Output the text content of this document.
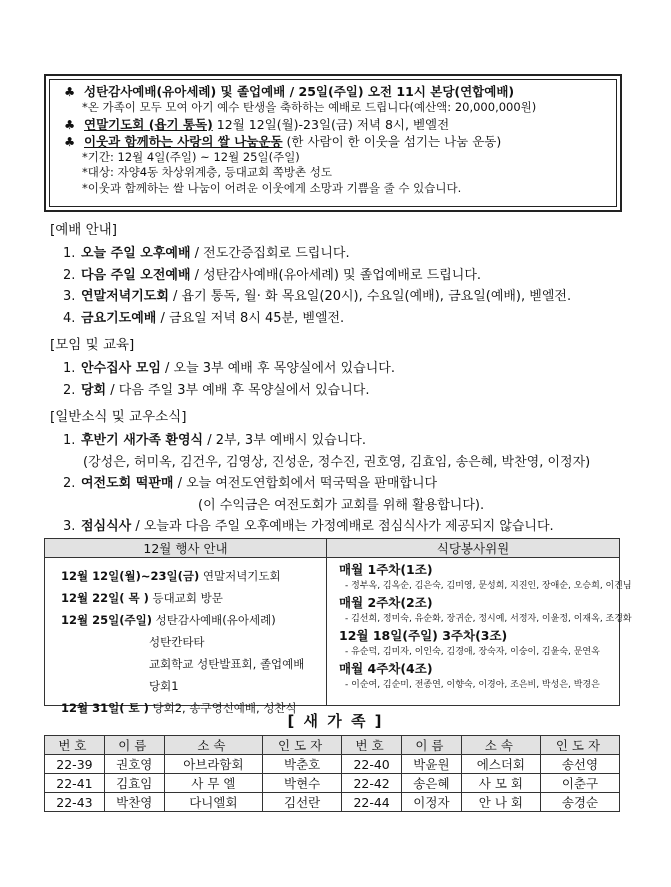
♣ 성탄감사예배(유아세례) 및 졸업예배 / 25일(주일) 오전 11시 본당(연합예배)
*온 가족이 모두 모여 아기 예수 탄생을 축하하는 예배로 드립니다(예산액: 20,000,000원)
♣ 연말기도회 (욥기 통독) 12월 12일(월)-23일(금) 저녁 8시, 벧엘전
♣ 이웃과 함께하는 사랑의 쌀 나눔운동 (한 사람이 한 이웃을 섬기는 나눔 운동)
*기간: 12월 4일(주일) ~ 12월 25일(주일)
*대상: 자양4동 차상위계층, 등대교회 쪽방촌 성도
*이웃과 함께하는 쌀 나눔이 어려운 이웃에게 소망과 기쁨을 줄 수 있습니다.
[예배 안내]
1. 오늘 주일 오후예배 / 전도간증집회로 드립니다.
2. 다음 주일 오전예배 / 성탄감사예배(유아세례) 및 졸업예배로 드립니다.
3. 연말저녁기도회 / 욥기 통독, 월· 화 목요일(20시), 수요일(예배), 금요일(예배), 벧엘전.
4. 금요기도예배 / 금요일 저녁 8시 45분, 벧엘전.
[모임 및 교육]
1. 안수집사 모임 / 오늘 3부 예배 후 목양실에서 있습니다.
2. 당회 / 다음 주일 3부 예배 후 목양실에서 있습니다.
[일반소식 및 교우소식]
1. 후반기 새가족 환영식 / 2부, 3부 예배시 있습니다.
(강성은, 허미옥, 김건우, 김영상, 진성운, 정수진, 권호영, 김효임, 송은혜, 박찬영, 이정자)
2. 여전도회 떡판매 / 오늘 여전도연합회에서 떡국떡을 판매합니다
(이 수익금은 여전도회가 교회를 위해 활용합니다).
3. 점심식사 / 오늘과 다음 주일 오후예배는 가정예배로 점심식사가 제공되지 않습니다.
12월 행사 안내	식당봉사위원
12월 12일(월)~23일(금) 연말저녁기도회
12월 22일( 목 ) 등대교회 방문
12월 25일(주일) 성탄감사예배(유아세례)
성탄칸타타
교회학교 성탄발표회, 졸업예배
당회1
12월 31일( 토 ) 당회2, 송구영신예배, 성찬식
매월 1주차(1조)
- 정부옥, 김옥순, 김은숙, 김미영, 문성희, 지진인, 장애순, 오승희, 이진님
매월 2주차(2조)
- 김선희, 정미숙, 유순화, 장귀순, 정시예, 서정자, 이윤정, 이재옥, 조경화
12월 18일(주일) 3주차(3조)
- 유순덕, 김미자, 이인숙, 김경애, 장숙자, 이숭이, 김윤숙, 문연옥
매월 4주차(4조)
- 이순여, 김순미, 전종연, 이향숙, 이경아, 조은비, 박성은, 박경은
[ 새 가 족 ]
번호	이름	소속	인도자	번호	이름	소속	인도자
22-39	권호영	아브라함회	박춘호	22-40	박윤원	에스더회	송선영
22-41	김효임	사 무 엘	박현수	22-42	송은혜	사 모 회	이춘구
22-43	박찬영	다니엘회	김선란	22-44	이정자	안 나 회	송경순
